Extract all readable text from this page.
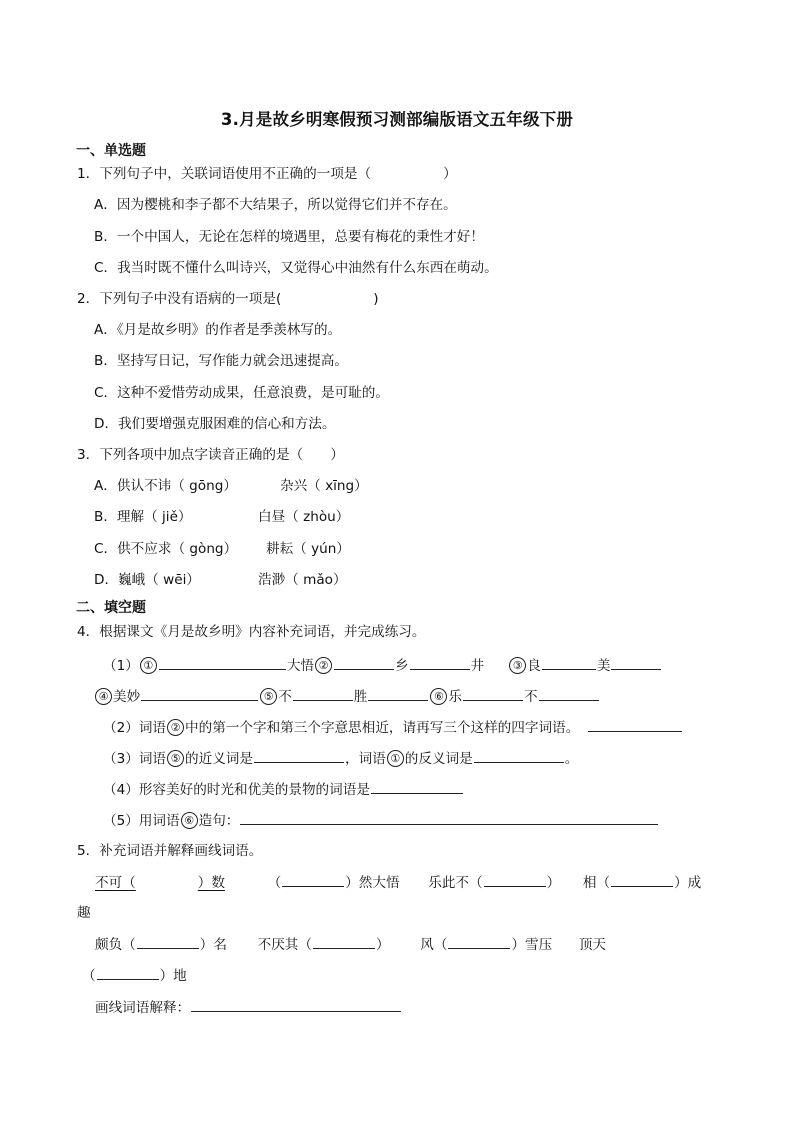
3.月是故乡明寒假预习测部编版语文五年级下册
一、单选题
1．下列句子中，关联词语使用不正确的一项是（	）
A．因为樱桃和李子都不大结果子，所以觉得它们并不存在。
B．一个中国人，无论在怎样的境遇里，总要有梅花的秉性才好！
C．我当时既不懂什么叫诗兴，又觉得心中油然有什么东西在萌动。
2．下列句子中没有语病的一项是(	)
A．《月是故乡明》的作者是季羡林写的。
B．坚持写日记，写作能力就会迅速提高。
C．这种不爱惜劳动成果，任意浪费，是可耻的。
D．我们要增强克服困难的信心和方法。
3．下列各项中加点字读音正确的是（　　）
A．供认不讳（ gōng）	杂兴（ xīng）
B．理解（ jiě）	白昼（ zhòu）
C．供不应求（ gòng） 耕耘（ yún）
D．巍峨（ wēi）	浩渺（ mǎo）
二、填空题
4．根据课文《月是故乡明》内容补充词语，并完成练习。
（1） ①	大悟 ②	乡	井	③ 良	美
④ 美妙	⑤ 不	胜	⑥ 乐	不
（2）词语 ② 中的第一个字和第三个字意思相近，请再写三个这样的四字词语。
（3）词语 ⑤ 的近义词是	，词语 ① 的反义词是	。
（4）形容美好的时光和优美的景物的词语是
（5）用词语 ⑥ 造句：
5．补充词语并解释画线词语。
不可（	）数	（	）然大悟 乐此不（	） 相（	）成
趣
颇负（	）名 不厌其（	） 风（	）雪压 顶天
（	）地
画线词语解释：
